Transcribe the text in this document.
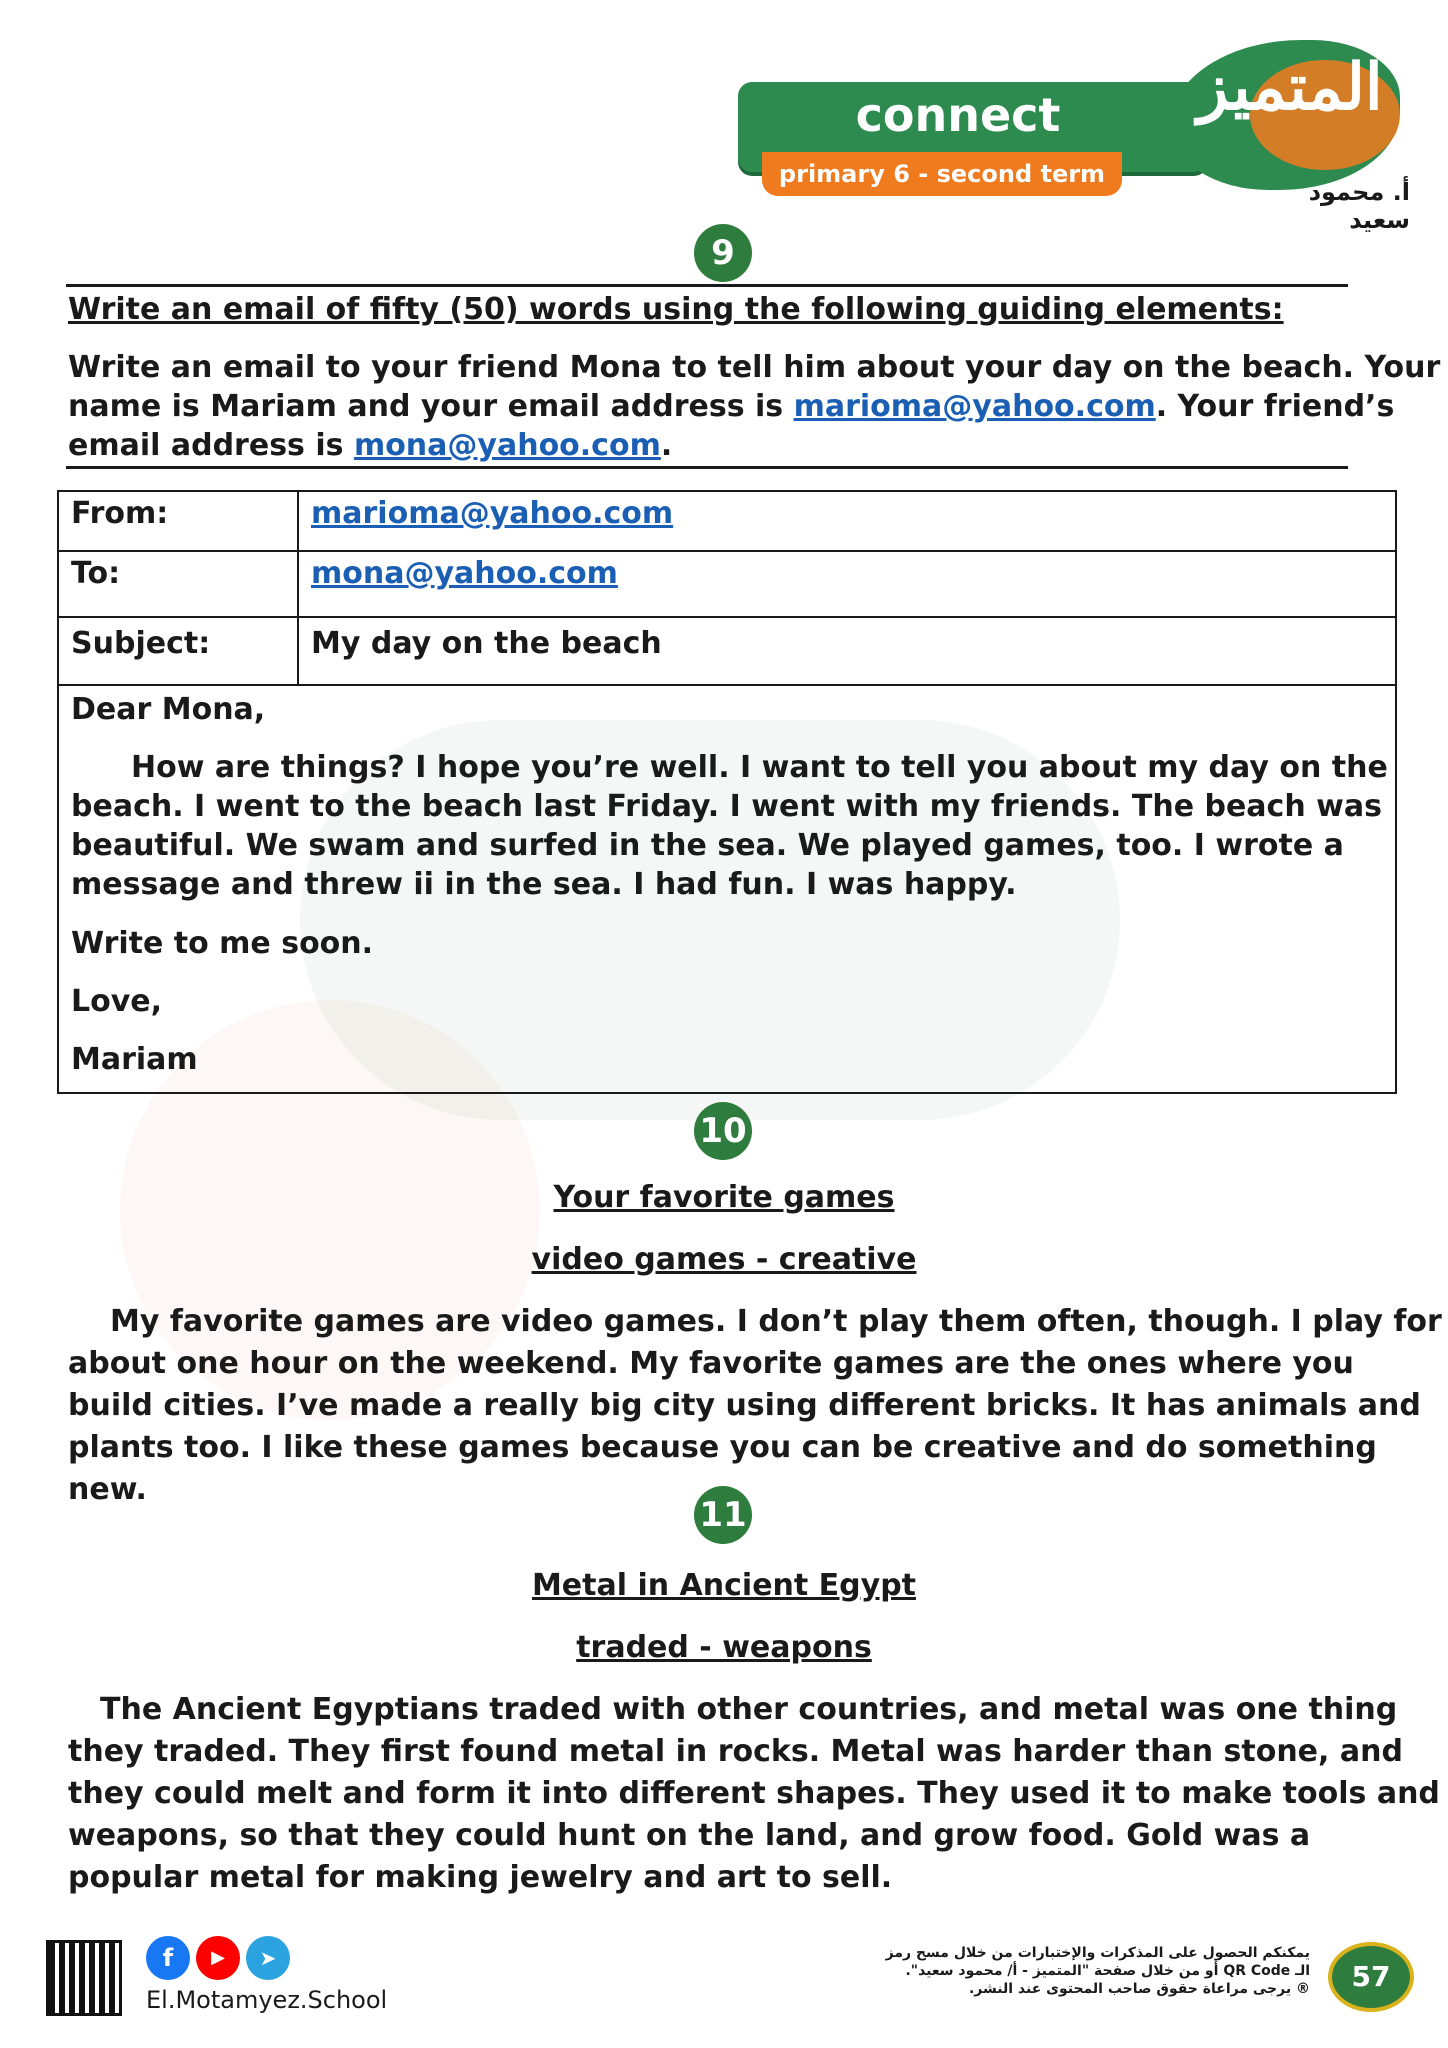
connect
primary 6 - second term
المتميز
أ. محمود سعيد
9
Write an email of fifty (50) words using the following guiding elements:
Write an email to your friend Mona to tell him about your day on the beach. Your
name is Mariam and your email address is marioma@yahoo.com. Your friend’s
email address is mona@yahoo.com.
From:	marioma@yahoo.com
To:	mona@yahoo.com
Subject:	My day on the beach
Dear Mona,
How are things? I hope you’re well. I want to tell you about my day on the
beach. I went to the beach last Friday. I went with my friends. The beach was
beautiful. We swam and surfed in the sea. We played games, too. I wrote a
message and threw ii in the sea. I had fun. I was happy.
Write to me soon.
Love,
Mariam
10
Your favorite games
video games - creative
My favorite games are video games. I don’t play them often, though. I play for
about one hour on the weekend. My favorite games are the ones where you
build cities. I’ve made a really big city using different bricks. It has animals and
plants too. I like these games because you can be creative and do something
new.
11
Metal in Ancient Egypt
traded - weapons
The Ancient Egyptians traded with other countries, and metal was one thing
they traded. They first found metal in rocks. Metal was harder than stone, and
they could melt and form it into different shapes. They used it to make tools and
weapons, so that they could hunt on the land, and grow food. Gold was a
popular metal for making jewelry and art to sell.
f	▶	➤
El.Motamyez.School
يمكنكم الحصول على المذكرات والإختبارات من خلال مسح رمز
الـ QR Code أو من خلال صفحة "المتميز - أ/ محمود سعيد".
® يرجى مراعاة حقوق صاحب المحتوى عند النشر.	57
